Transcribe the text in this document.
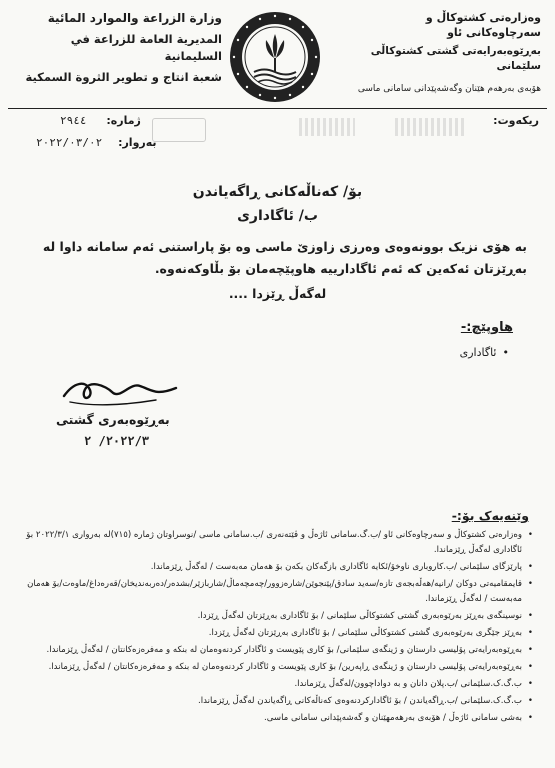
وەزارەتی کشتوکاڵ و سەرچاوەکانی ئاو
بەڕێوەبەرایەتی گشتی کشتوکاڵی سلێمانی
هۆبەی بەرهەم هێنان وگەشەپێدانی سامانی ماسی
وزارة الزراعة والموارد المائية
المديرية العامة للزراعة في السليمانية
شعبة انتاج و تطوير الثروة السمكية
ریکەوت:
ژمارە: ٢٩٤٤
بەروار: ٢٠٢٢/٠٣/٠٢
بۆ/ کەناڵەکانی ڕاگەیاندن
ب/ ئاگاداری
بە هۆی نزیک بوونەوەی وەرزی زاوزێ ماسی وە بۆ پاراستنی ئەم سامانە داوا لە بەڕێزتان ئەکەین کە ئەم ئاگادارییە هاوپێچەمان بۆ بڵاوکەنەوە.
لەگەڵ ڕێزدا ....
هاوپێچ:-
• ئاگاداری
بەڕێوەبەری گشتی
٢٠٢٢/٣/ ٢
وێنەیەک بۆ:-
• وەزارەتی کشتوکاڵ و سەرچاوەکانی ئاو /ب.گ.سامانی ئاژەڵ و ڤێتەنەری /ب.سامانی ماسی /نوسراوتان ژمارە (٧١٥)لە بەرواری ٢٠٢٢/٣/١ بۆ ئاگاداری لەگەڵ ڕێزماندا.
• پارێزگای سلێمانی /ب.کاروباری ناوخۆ/ئکایە ئاگاداری بازگەکان بکەن بۆ هەمان مەبەست / لەگەڵ ڕێزماندا.
• قایمقامیەتی دوکان /رانیە/هەڵەبجەی تازە/سەید سادق/پێنجوێن/شارەزوور/چەمچەماڵ/شاربازێر/بشدەر/دەربەندیخان/قەرەداغ/ماوەت/بۆ هەمان مەبەست / لەگەڵ ڕێزماندا.
• نوسینگەی بەڕێز بەرێوەبەری گشتی کشتوکاڵی سلێمانی / بۆ ئاگاداری بەڕێزتان لەگەڵ ڕێزدا.
• بەڕێز جێگری بەرێوەبەری گشتی کشتوکاڵی سلێمانی / بۆ ئاگاداری بەڕێزتان لەگەڵ ڕێزدا.
• بەڕێوەبەرایەتی پۆلیسی دارستان و ژینگەی سلێمانی/ بۆ کاری پێویست و ئاگادار کردنەوەمان لە بنکە و مەفرەزەکانتان / لەگەڵ ڕێزماندا.
• بەڕێوەبەرایەتی پۆلیسی دارستان و ژینگەی ڕاپەرین/ بۆ کاری پێویست و ئاگادار کردنەوەمان لە بنکە و مەفرەزەکانتان / لەگەڵ ڕێزماندا.
• ب.گ.ک.سلێمانی /ب.پلان دانان و بە دواداچوون/لەگەڵ ڕێزماندا.
• ب.گ.ک.سلێمانی /ب.ڕاگەیاندن / بۆ ئاگادارکردنەوەی کەناڵەکانی ڕاگەیاندن لەگەڵ ڕێزماندا.
• بەشی سامانی ئاژەڵ / هۆبەی بەرهەمهێنان و گەشەپێدانی سامانی ماسی.
